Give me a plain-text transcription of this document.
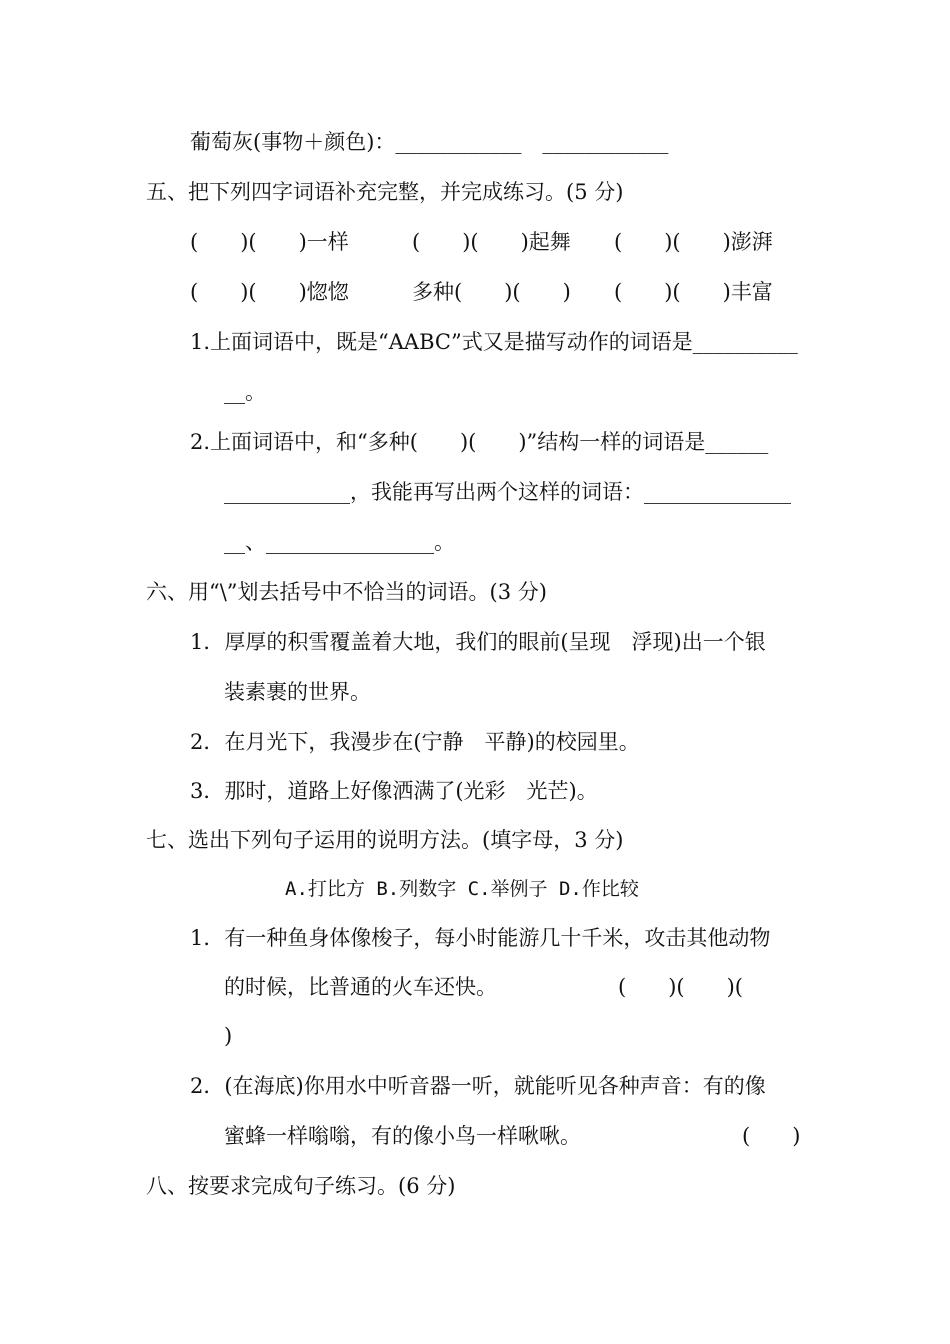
葡萄灰(事物＋颜色)：____________　____________
五、把下列四字词语补充完整，并完成练习。(5 分)
(　　)(　　)一样	(　　)(　　)起舞 (　　)(　　)澎湃
(　　)(　　)惚惚	多种(　　)(　　) (　　)(　　)丰富
1.上面词语中，既是“AABC”式又是描写动作的词语是__________
__。
2.上面词语中，和“多种(　　)(　　)”结构一样的词语是______
____________，我能再写出两个这样的词语：______________
__、________________。
六、用“\”划去括号中不恰当的词语。(3 分)
1．厚厚的积雪覆盖着大地，我们的眼前(呈现　浮现)出一个银
装素裹的世界。
2．在月光下，我漫步在(宁静　平静)的校园里。
3．那时，道路上好像洒满了(光彩　光芒)。
七、选出下列句子运用的说明方法。(填字母，3 分)
A.打比方 B.列数字 C.举例子 D.作比较
1．有一种鱼身体像梭子，每小时能游几十千米，攻击其他动物
的时候，比普通的火车还快。	(　　)(　　)(
)
2．(在海底)你用水中听音器一听，就能听见各种声音：有的像
蜜蜂一样嗡嗡，有的像小鸟一样啾啾。	(　　)
八、按要求完成句子练习。(6 分)
